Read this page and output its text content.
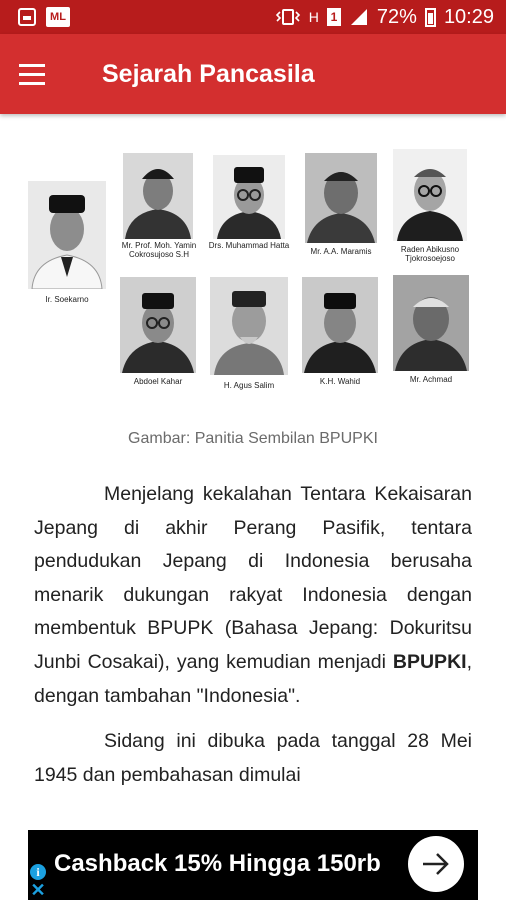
ML	H 1 72% 10:29
Sejarah Pancasila
Ir. Soekarno
Mr. Prof. Moh. Yamin Cokrosujoso S.H
Drs. Muhammad Hatta
Mr. A.A. Maramis	Raden Abikusno Tjokrosoejoso
Abdoel Kahar	H. Agus Salim	K.H. Wahid	Mr. Achmad
Gambar: Panitia Sembilan BPUPKI

Menjelang kekalahan Tentara Kekaisaran Jepang di akhir Perang Pasifik, tentara pendudukan Jepang di Indonesia berusaha menarik dukungan rakyat Indonesia dengan membentuk BPUPK (Bahasa Jepang: Dokuritsu Junbi Cosakai), yang kemudian menjadi BPUPKI, dengan tambahan "Indonesia".

Sidang ini dibuka pada tanggal 28 Mei 1945 dan pembahasan dimulai

i
✕
Cashback 15% Hingga 150rb
